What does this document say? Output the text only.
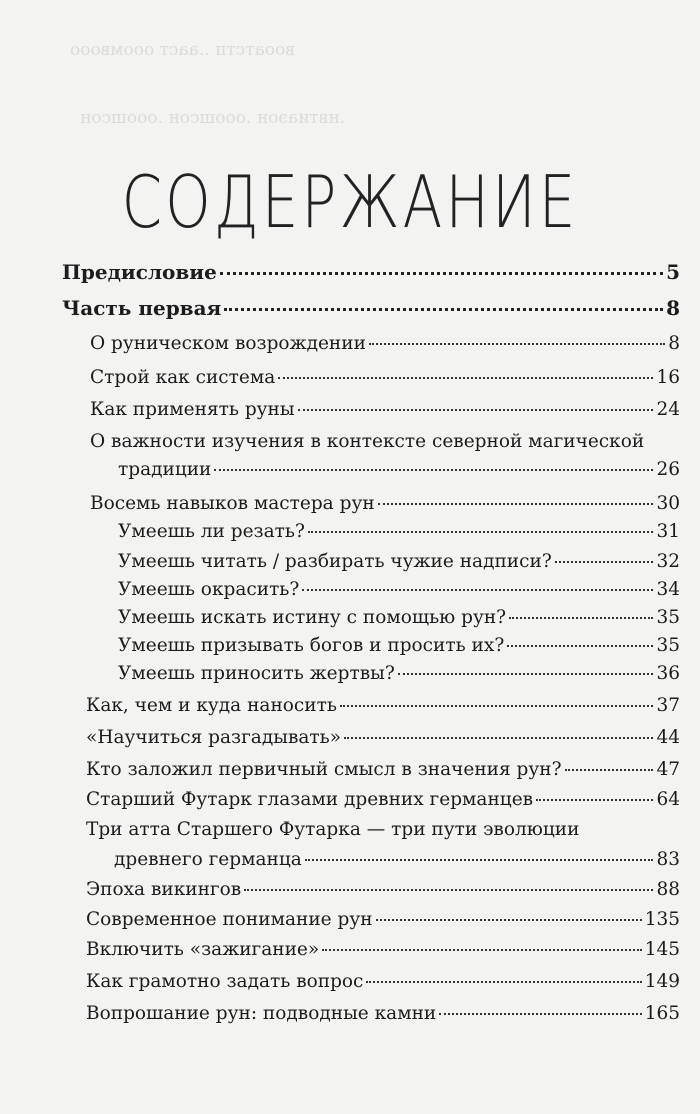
вооатстп ..ааст ооомвооо
.нвтиаэон .ооошсон .ооошсон
СОДЕРЖАНИЕ
Предисловие	5
Часть первая	8
О руническом возрождении	8
Строй как система	16
Как применять руны	24
О важности изучения в контексте северной магической
традиции	26
Восемь навыков мастера рун	30
Умеешь ли резать?	31
Умеешь читать / разбирать чужие надписи?	32
Умеешь окрасить?	34
Умеешь искать истину с помощью рун?	35
Умеешь призывать богов и просить их?	35
Умеешь приносить жертвы?	36
Как, чем и куда наносить	37
«Научиться разгадывать»	44
Кто заложил первичный смысл в значения рун?	47
Старший Футарк глазами древних германцев	64
Три атта Старшего Футарка — три пути эволюции
древнего германца	83
Эпоха викингов	88
Современное понимание рун	135
Включить «зажигание»	145
Как грамотно задать вопрос	149
Вопрошание рун: подводные камни	165
